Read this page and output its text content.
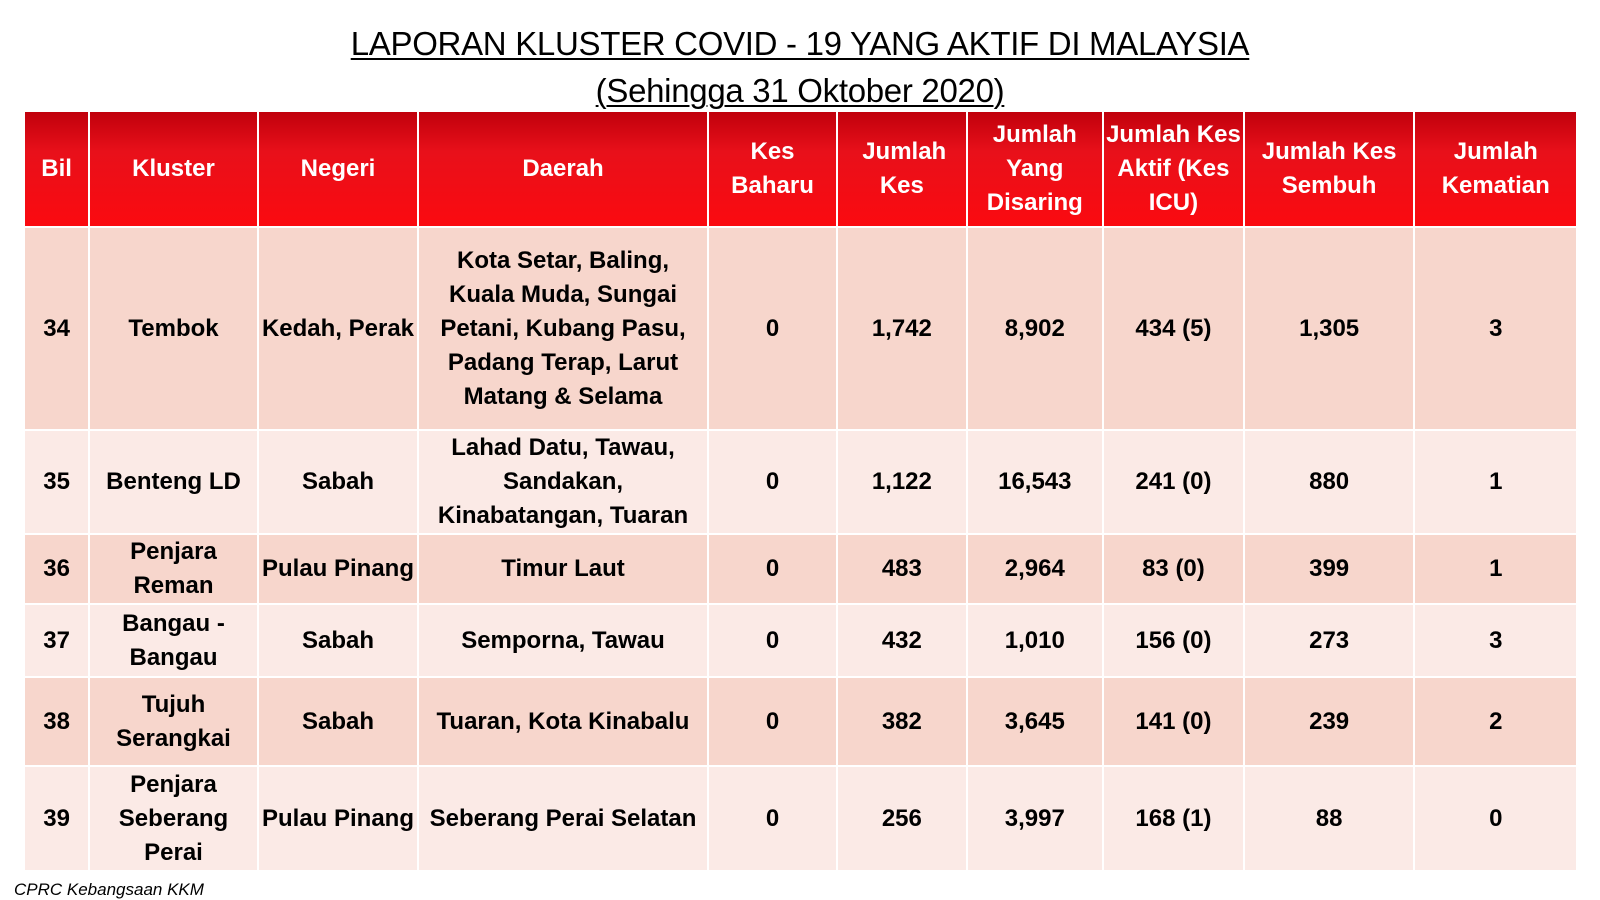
LAPORAN KLUSTER COVID - 19 YANG AKTIF DI MALAYSIA
(Sehingga 31 Oktober 2020)
Bil	Kluster	Negeri	Daerah	Kes Baharu	Jumlah Kes	Jumlah Yang Disaring	Jumlah Kes Aktif (Kes ICU)	Jumlah Kes Sembuh	Jumlah Kematian
34	Tembok	Kedah, Perak	Kota Setar, Baling, Kuala Muda, Sungai Petani, Kubang Pasu, Padang Terap, Larut Matang & Selama	0	1,742	8,902	434 (5)	1,305	3
35	Benteng LD	Sabah	Lahad Datu, Tawau, Sandakan, Kinabatangan, Tuaran	0	1,122	16,543	241 (0)	880	1
36	Penjara Reman	Pulau Pinang	Timur Laut	0	483	2,964	83 (0)	399	1
37	Bangau - Bangau	Sabah	Semporna, Tawau	0	432	1,010	156 (0)	273	3
38	Tujuh Serangkai	Sabah	Tuaran, Kota Kinabalu	0	382	3,645	141 (0)	239	2
39	Penjara Seberang Perai	Pulau Pinang	Seberang Perai Selatan	0	256	3,997	168 (1)	88	0
CPRC Kebangsaan KKM
